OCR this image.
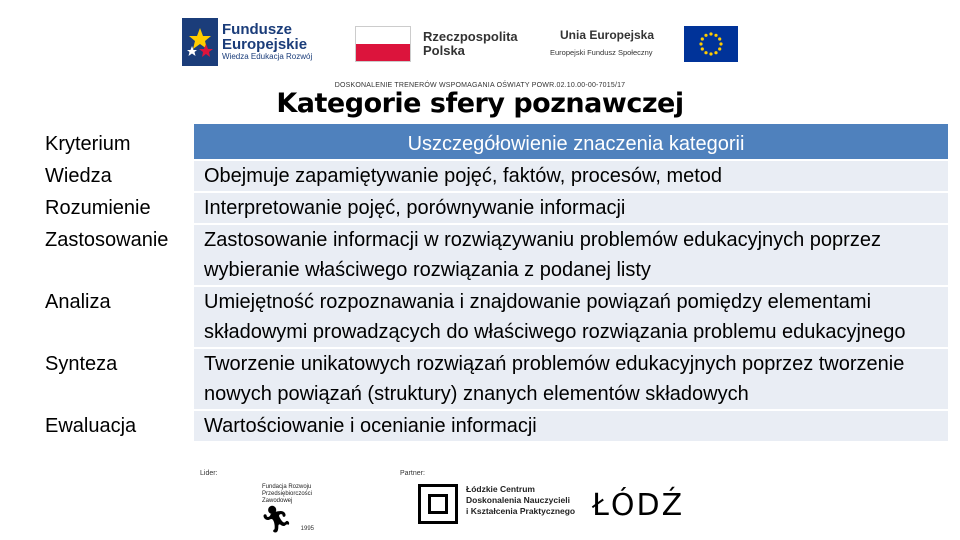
Fundusze
Europejskie
Wiedza Edukacja Rozwój
Rzeczpospolita
Polska
Unia Europejska
Europejski Fundusz Społeczny
DOSKONALENIE TRENERÓW WSPOMAGANIA OŚWIATY POWR.02.10.00-00-7015/17
Kategorie sfery poznawczej
Lider:	Partner:
Fundacja Rozwoju Przedsiębiorczości Zawodowej
🏃︎ 1995
Łódzkie Centrum
Doskonalenia Nauczycieli
i Kształcenia Praktycznego ŁÓDŹ
Kryterium	Uszczegółowienie znaczenia kategorii
Wiedza	Obejmuje zapamiętywanie pojęć, faktów, procesów, metod
Rozumienie	Interpretowanie pojęć, porównywanie informacji
Zastosowanie	Zastosowanie informacji w rozwiązywaniu problemów edukacyjnych poprzez wybieranie właściwego rozwiązania z podanej listy
Analiza	Umiejętność rozpoznawania i znajdowanie powiązań pomiędzy elementami składowymi prowadzących do właściwego rozwiązania problemu edukacyjnego
Synteza	Tworzenie unikatowych rozwiązań problemów edukacyjnych poprzez tworzenie nowych powiązań (struktury) znanych elementów składowych
Ewaluacja	Wartościowanie i ocenianie informacji
